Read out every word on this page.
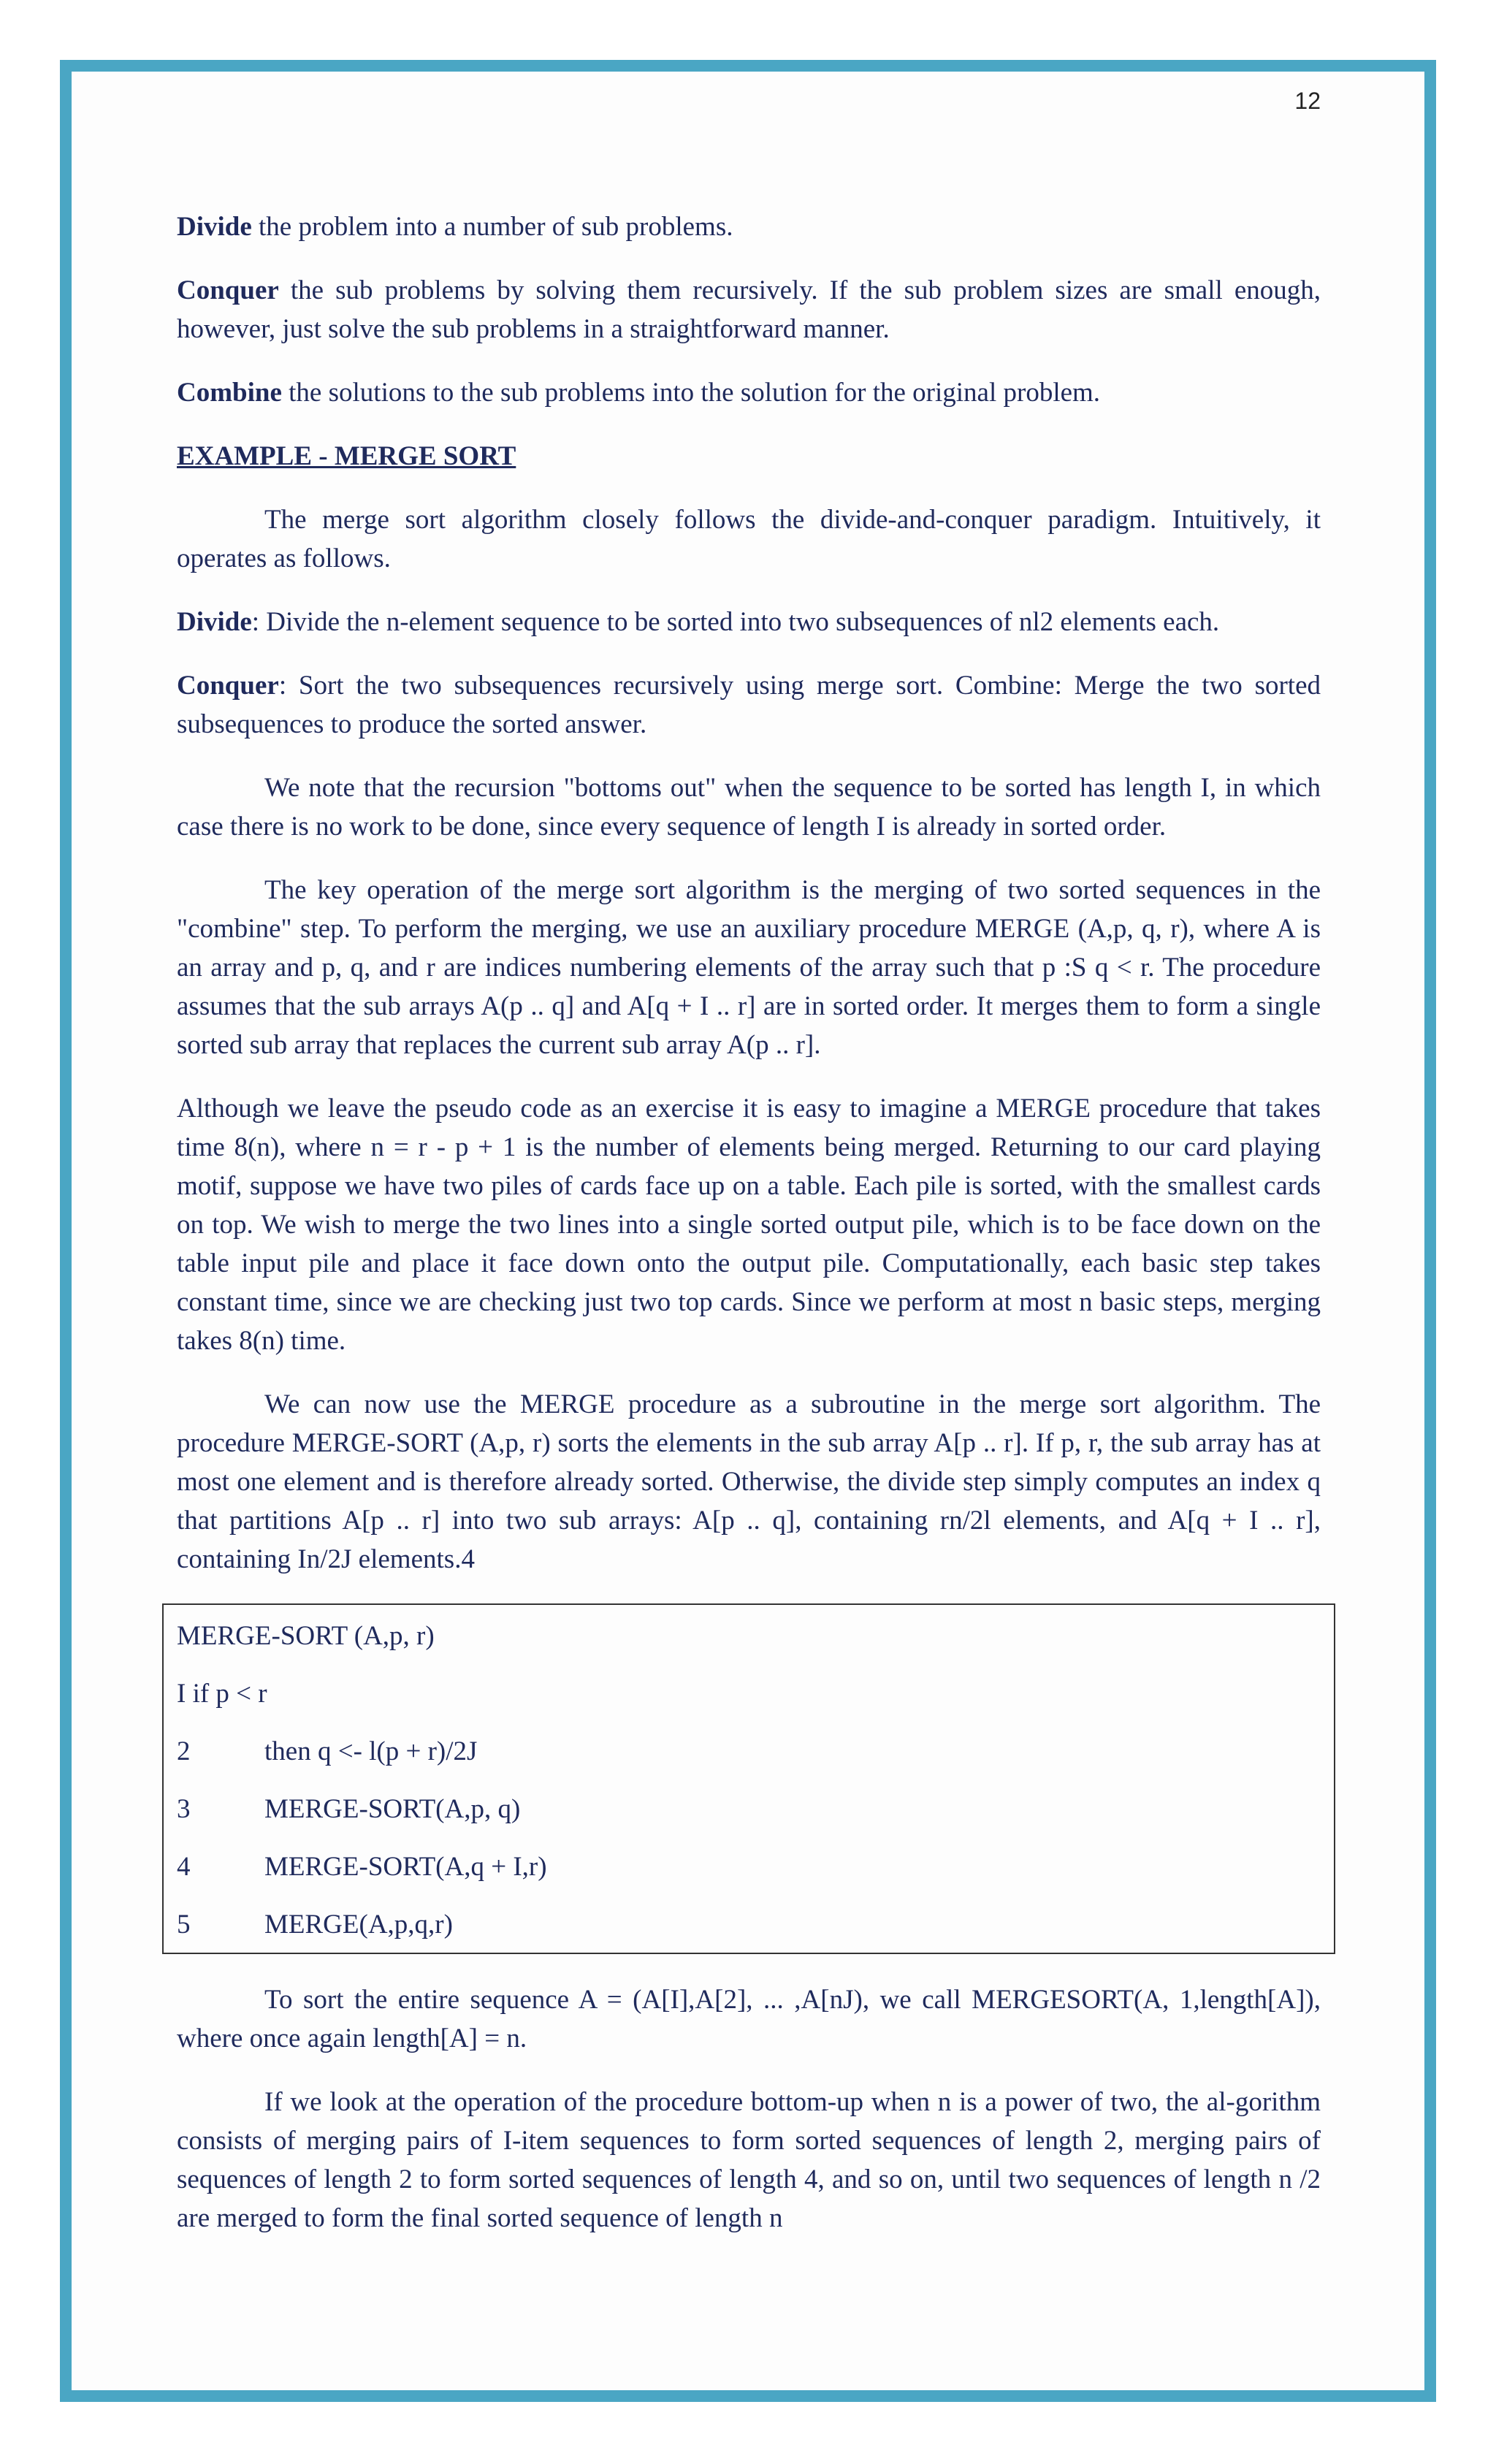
12

Divide the problem into a number of sub problems.

Conquer the sub problems by solving them recursively. If the sub problem sizes are small enough, however, just solve the sub problems in a straightforward manner.

Combine the solutions to the sub problems into the solution for the original problem.

EXAMPLE - MERGE SORT

The merge sort algorithm closely follows the divide-and-conquer paradigm. Intuitively, it operates as follows.

Divide: Divide the n-element sequence to be sorted into two subsequences of nl2 elements each.

Conquer: Sort the two subsequences recursively using merge sort. Combine: Merge the two sorted subsequences to produce the sorted answer.

We note that the recursion "bottoms out" when the sequence to be sorted has length I, in which case there is no work to be done, since every sequence of length I is already in sorted order.

The key operation of the merge sort algorithm is the merging of two sorted sequences in the "combine" step. To perform the merging, we use an auxiliary procedure MERGE (A,p, q, r), where A is an array and p, q, and r are indices numbering elements of the array such that p :S q < r. The procedure assumes that the sub arrays A(p .. q] and A[q + I .. r] are in sorted order. It merges them to form a single sorted sub array that replaces the current sub array A(p .. r].

Although we leave the pseudo code as an exercise it is easy to imagine a MERGE procedure that takes time 8(n), where n = r - p + 1 is the number of elements being merged. Returning to our card playing motif, suppose we have two piles of cards face up on a table. Each pile is sorted, with the smallest cards on top. We wish to merge the two lines into a single sorted output pile, which is to be face down on the table input pile and place it face down onto the output pile. Computationally, each basic step takes constant time, since we are checking just two top cards. Since we perform at most n basic steps, merging takes 8(n) time.

We can now use the MERGE procedure as a subroutine in the merge sort algorithm. The procedure MERGE-SORT (A,p, r) sorts the elements in the sub array A[p .. r]. If p, r, the sub array has at most one element and is therefore already sorted. Otherwise, the divide step simply computes an index q that partitions A[p .. r] into two sub arrays: A[p .. q], containing rn/2l elements, and A[q + I .. r], containing In/2J elements.4

MERGE-SORT (A,p, r)
I if p < r
2	then q <- l(p + r)/2J
3	MERGE-SORT(A,p, q)
4	MERGE-SORT(A,q + I,r)
5	MERGE(A,p,q,r)

To sort the entire sequence A = (A[I],A[2], ... ,A[nJ), we call MERGESORT(A, 1,length[A]), where once again length[A] = n.

If we look at the operation of the procedure bottom-up when n is a power of two, the al-gorithm consists of merging pairs of I-item sequences to form sorted sequences of length 2, merging pairs of sequences of length 2 to form sorted sequences of length 4, and so on, until two sequences of length n /2 are merged to form the final sorted sequence of length n
